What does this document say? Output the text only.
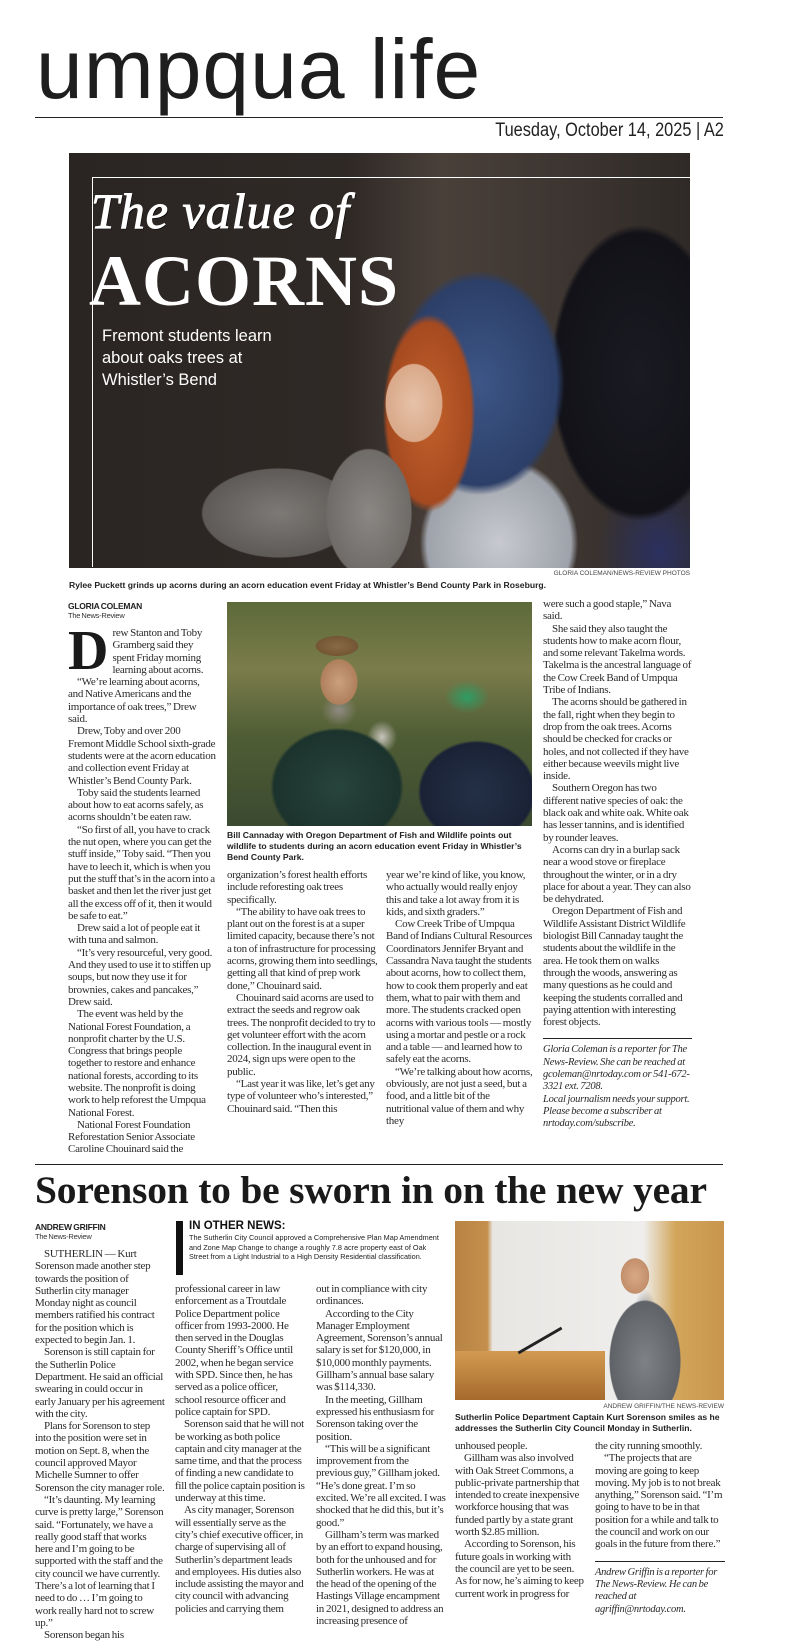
umpqua life
Tuesday, October 14, 2025 | A2
The value of
ACORNS
Fremont students learn about oaks trees at Whistler’s Bend
GLORIA COLEMAN/NEWS-REVIEW PHOTOS
Rylee Puckett grinds up acorns during an acorn education event Friday at Whistler’s Bend County Park in Roseburg.
GLORIA COLEMAN
The News-Review
D rew Stanton and Toby Gramberg said they spent Friday morning learning about acorns.

“We’re learning about acorns, and Native Americans and the importance of oak trees,” Drew said.

Drew, Toby and over 200 Fremont Middle School sixth-grade students were at the acorn education and collection event Friday at Whistler’s Bend County Park.

Toby said the students learned about how to eat acorns safely, as acorns shouldn’t be eaten raw.

“So first of all, you have to crack the nut open, where you can get the stuff inside,” Toby said. “Then you have to leech it, which is when you put the stuff that’s in the acorn into a basket and then let the river just get all the excess off of it, then it would be safe to eat.”

Drew said a lot of people eat it with tuna and salmon.

“It’s very resourceful, very good. And they used to use it to stiffen up soups, but now they use it for brownies, cakes and pancakes,” Drew said.

The event was held by the National Forest Foundation, a nonprofit charter by the U.S. Congress that brings people together to restore and enhance national forests, according to its website. The nonprofit is doing work to help reforest the Umpqua National Forest.

National Forest Foundation Reforestation Senior Associate Caroline Chouinard said the

Bill Cannaday with Oregon Department of Fish and Wildlife points out wildlife to students during an acorn education event Friday in Whistler’s Bend County Park.

organization’s forest health efforts include reforesting oak trees specifically.

“The ability to have oak trees to plant out on the forest is at a super limited capacity, because there’s not a ton of infrastructure for processing acorns, growing them into seedlings, getting all that kind of prep work done,” Chouinard said.

Chouinard said acorns are used to extract the seeds and regrow oak trees. The nonprofit decided to try to get volunteer effort with the acorn collection. In the inaugural event in 2024, sign ups were open to the public.

“Last year it was like, let’s get any type of volunteer who’s interested,” Chouinard said. “Then this

year we’re kind of like, you know, who actually would really enjoy this and take a lot away from it is kids, and sixth graders.”

Cow Creek Tribe of Umpqua Band of Indians Cultural Resources Coordinators Jennifer Bryant and Cassandra Nava taught the students about acorns, how to collect them, how to cook them properly and eat them, what to pair with them and more. The students cracked open acorns with various tools — mostly using a mortar and pestle or a rock and a table — and learned how to safely eat the acorns.

“We’re talking about how acorns, obviously, are not just a seed, but a food, and a little bit of the nutritional value of them and why they

were such a good staple,” Nava said.

She said they also taught the students how to make acorn flour, and some relevant Takelma words. Takelma is the ancestral language of the Cow Creek Band of Umpqua Tribe of Indians.

The acorns should be gathered in the fall, right when they begin to drop from the oak trees. Acorns should be checked for cracks or holes, and not collected if they have either because weevils might live inside.

Southern Oregon has two different native species of oak: the black oak and white oak. White oak has lesser tannins, and is identified by rounder leaves.

Acorns can dry in a burlap sack near a wood stove or fireplace throughout the winter, or in a dry place for about a year. They can also be dehydrated.

Oregon Department of Fish and Wildlife Assistant District Wildlife biologist Bill Cannaday taught the students about the wildlife in the area. He took them on walks through the woods, answering as many questions as he could and keeping the students corralled and paying attention with interesting forest objects.

Gloria Coleman is a reporter for The News-Review. She can be reached at gcoleman@nrtoday.com or 541-672-3321 ext. 7208.

Local journalism needs your support. Please become a subscriber at nrtoday.com/subscribe.

Sorenson to be sworn in on the new year
ANDREW GRIFFIN
The News-Review

SUTHERLIN — Kurt Sorenson made another step towards the position of Sutherlin city manager Monday night as council members ratified his contract for the position which is expected to begin Jan. 1.

Sorenson is still captain for the Sutherlin Police Department. He said an official swearing in could occur in early January per his agreement with the city.

Plans for Sorenson to step into the position were set in motion on Sept. 8, when the council approved Mayor Michelle Sumner to offer Sorenson the city manager role.

“It’s daunting. My learning curve is pretty large,” Sorenson said. “Fortunately, we have a really good staff that works here and I’m going to be supported with the staff and the city council we have currently. There’s a lot of learning that I need to do … I’m going to work really hard not to screw up.”

Sorenson began his

IN OTHER NEWS:
The Sutherlin City Council approved a Comprehensive Plan Map Amendment and Zone Map Change to change a roughly 7.8 acre property east of Oak Street from a Light Industrial to a High Density Residential classification.

professional career in law enforcement as a Troutdale Police Department police officer from 1993-2000. He then served in the Douglas County Sheriff’s Office until 2002, when he began service with SPD. Since then, he has served as a police officer, school resource officer and police captain for SPD.

Sorenson said that he will not be working as both police captain and city manager at the same time, and that the process of finding a new candidate to fill the police captain position is underway at this time.

As city manager, Sorenson will essentially serve as the city’s chief executive officer, in charge of supervising all of Sutherlin’s department leads and employees. His duties also include assisting the mayor and city council with advancing policies and carrying them

out in compliance with city ordinances.

According to the City Manager Employment Agreement, Sorenson’s annual salary is set for $120,000, in $10,000 monthly payments. Gillham’s annual base salary was $114,330.

In the meeting, Gillham expressed his enthusiasm for Sorenson taking over the position.

“This will be a significant improvement from the previous guy,” Gillham joked. “He’s done great. I’m so excited. We’re all excited. I was shocked that he did this, but it’s good.”

Gillham’s term was marked by an effort to expand housing, both for the unhoused and for Sutherlin workers. He was at the head of the opening of the Hastings Village encampment in 2021, designed to address an increasing presence of

ANDREW GRIFFIN/THE NEWS-REVIEW
Sutherlin Police Department Captain Kurt Sorenson smiles as he addresses the Sutherlin City Council Monday in Sutherlin.

unhoused people.

Gillham was also involved with Oak Street Commons, a public-private partnership that intended to create inexpensive workforce housing that was funded partly by a state grant worth $2.85 million.

According to Sorenson, his future goals in working with the council are yet to be seen. As for now, he’s aiming to keep current work in progress for

the city running smoothly.

“The projects that are moving are going to keep moving. My job is to not break anything,” Sorenson said. “I’m going to have to be in that position for a while and talk to the council and work on our goals in the future from there.”

Andrew Griffin is a reporter for The News-Review. He can be reached at agriffin@nrtoday.com.
